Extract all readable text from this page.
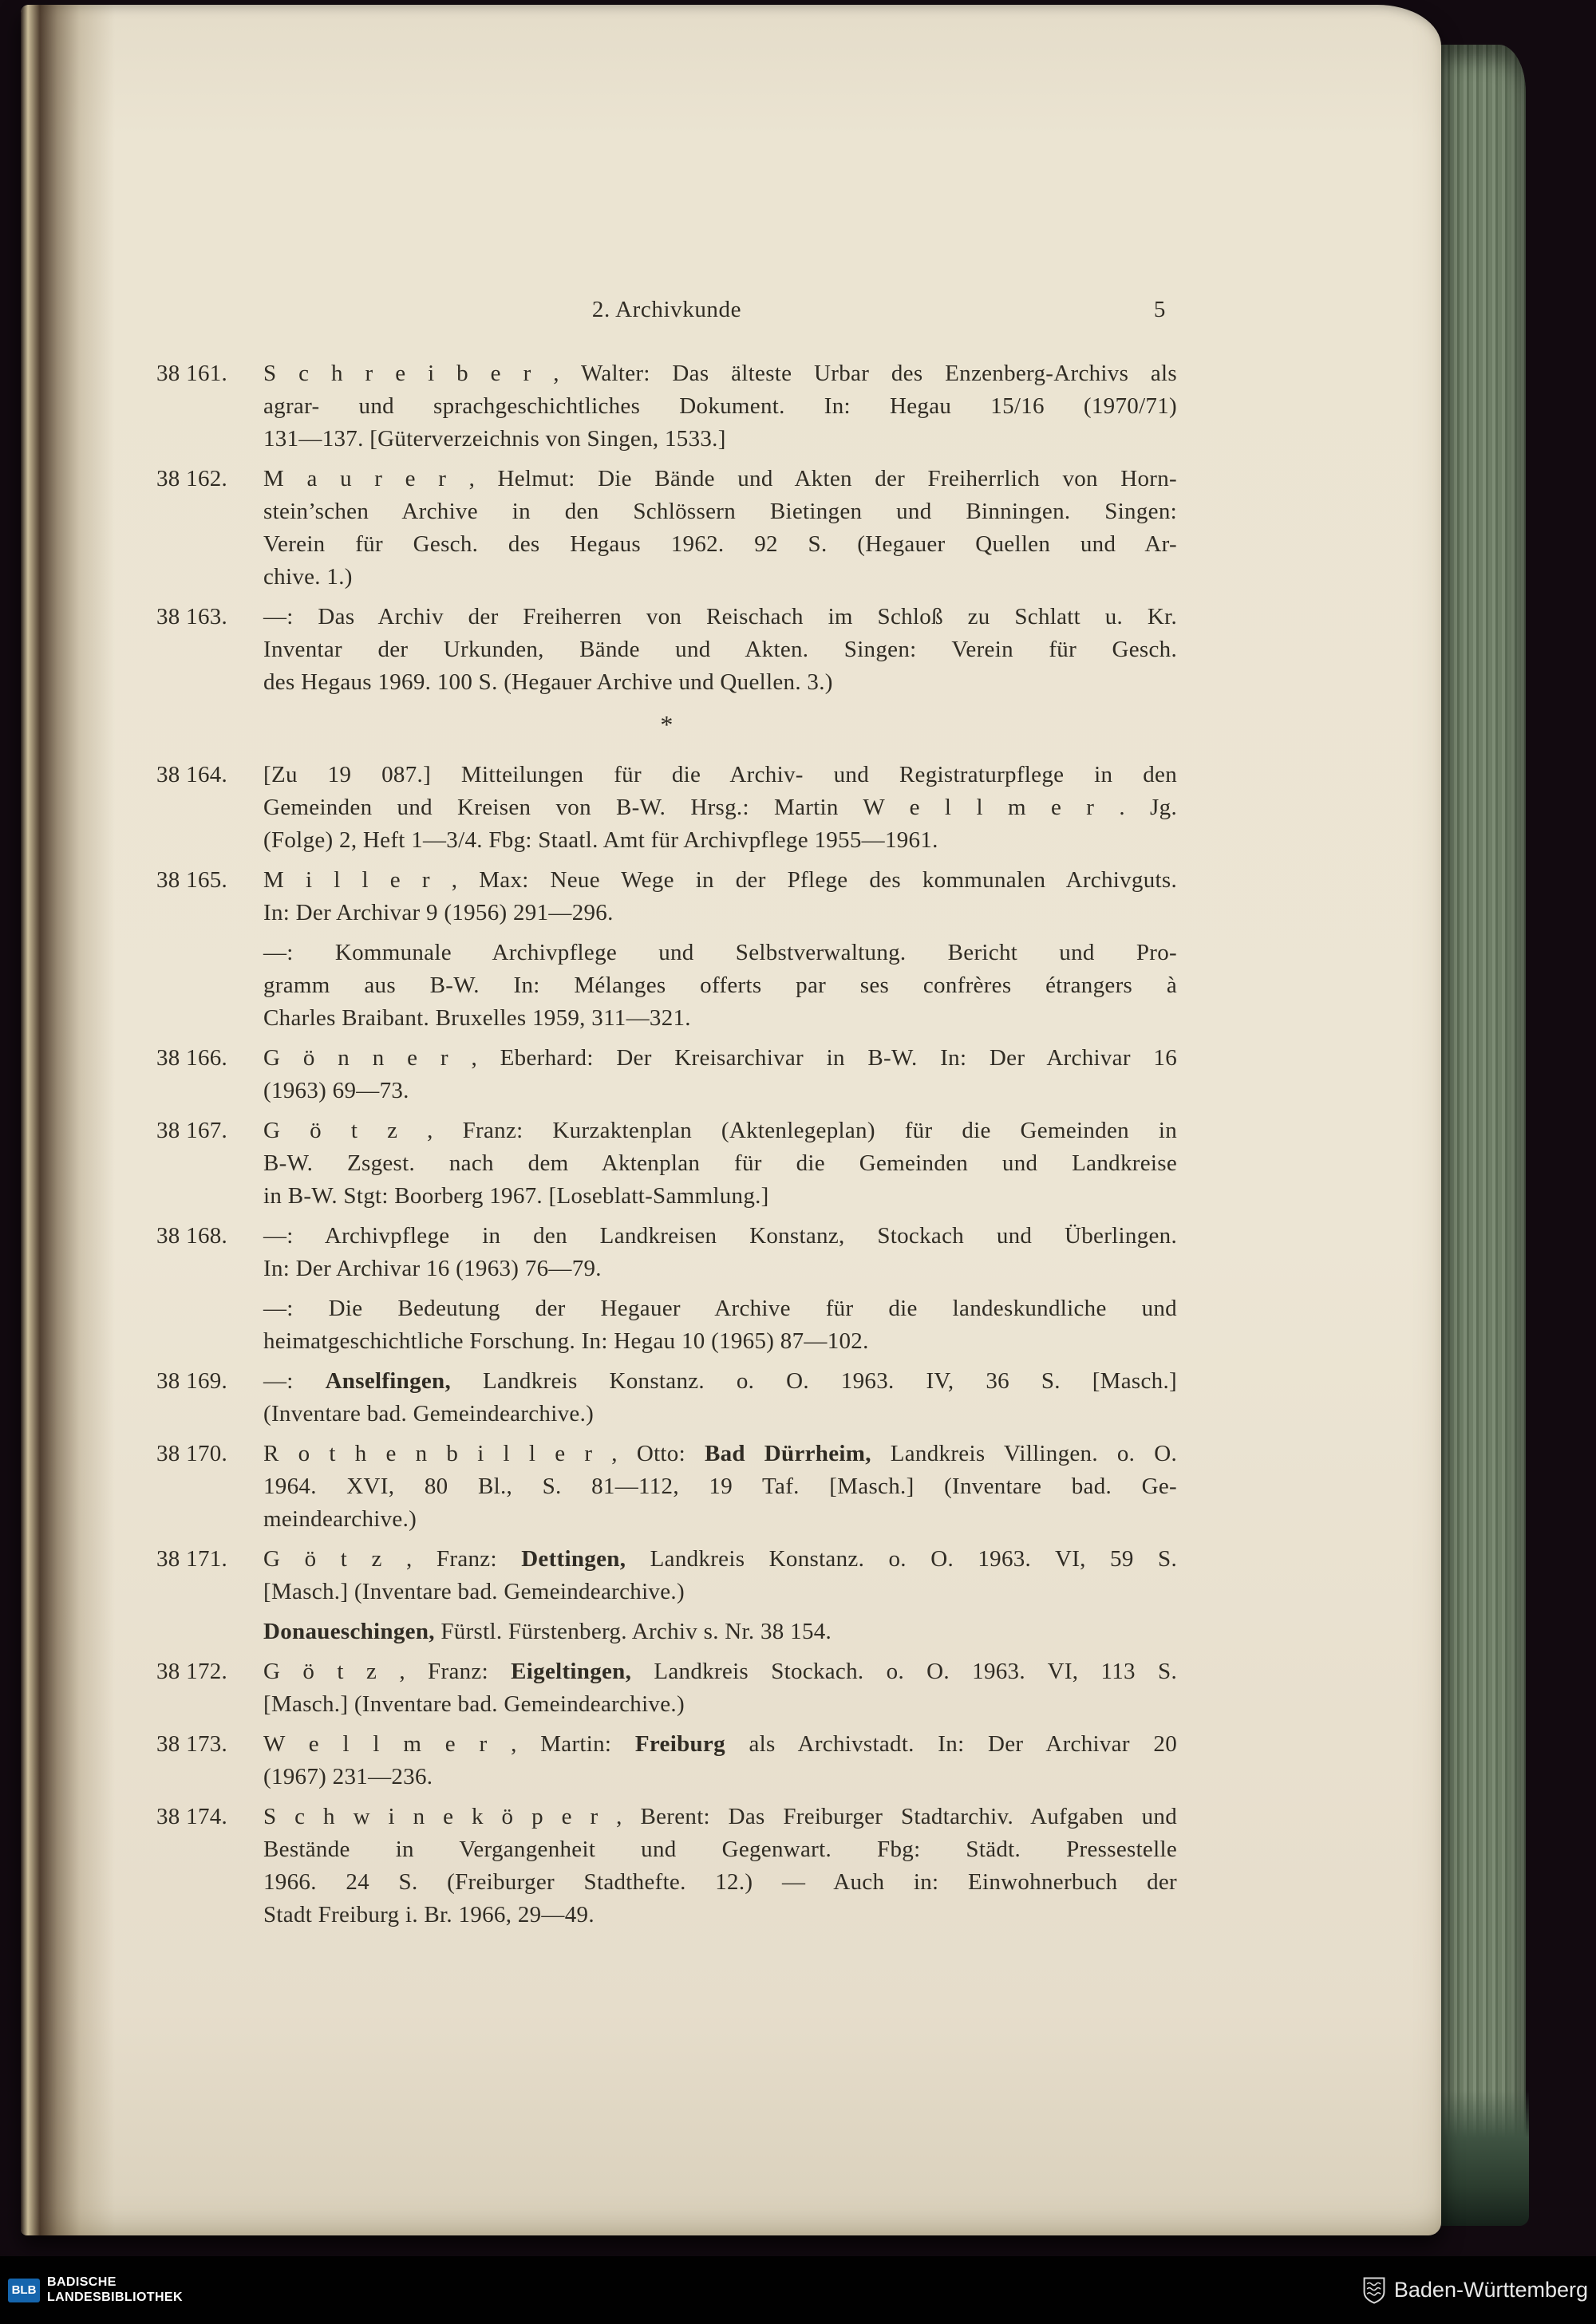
2. Archivkunde	5
38 161.	S c h r e i b e r , Walter: Das älteste Urbar des Enzenberg-Archivs als
agrar- und sprachgeschichtliches Dokument. In: Hegau 15/16 (1970/71)
131—137. [Güterverzeichnis von Singen, 1533.]
38 162.	M a u r e r , Helmut: Die Bände und Akten der Freiherrlich von Horn-
stein’schen Archive in den Schlössern Bietingen und Binningen. Singen:
Verein für Gesch. des Hegaus 1962. 92 S. (Hegauer Quellen und Ar-
chive. 1.)
38 163.	—: Das Archiv der Freiherren von Reischach im Schloß zu Schlatt u. Kr.
Inventar der Urkunden, Bände und Akten. Singen: Verein für Gesch.
des Hegaus 1969. 100 S. (Hegauer Archive und Quellen. 3.)
*
38 164.	[Zu 19 087.] Mitteilungen für die Archiv- und Registraturpflege in den
Gemeinden und Kreisen von B-W. Hrsg.: Martin W e l l m e r . Jg.
(Folge) 2, Heft 1—3/4. Fbg: Staatl. Amt für Archivpflege 1955—1961.
38 165.	M i l l e r , Max: Neue Wege in der Pflege des kommunalen Archivguts.
In: Der Archivar 9 (1956) 291—296.
—: Kommunale Archivpflege und Selbstverwaltung. Bericht und Pro-
gramm aus B-W. In: Mélanges offerts par ses confrères étrangers à
Charles Braibant. Bruxelles 1959, 311—321.
38 166.	G ö n n e r , Eberhard: Der Kreisarchivar in B-W. In: Der Archivar 16
(1963) 69—73.
38 167.	G ö t z , Franz: Kurzaktenplan (Aktenlegeplan) für die Gemeinden in
B-W. Zsgest. nach dem Aktenplan für die Gemeinden und Landkreise
in B-W. Stgt: Boorberg 1967. [Loseblatt-Sammlung.]
38 168.	—: Archivpflege in den Landkreisen Konstanz, Stockach und Überlingen.
In: Der Archivar 16 (1963) 76—79.
—: Die Bedeutung der Hegauer Archive für die landeskundliche und
heimatgeschichtliche Forschung. In: Hegau 10 (1965) 87—102.
38 169.	—: Anselfingen, Landkreis Konstanz. o. O. 1963. IV, 36 S. [Masch.]
(Inventare bad. Gemeindearchive.)
38 170.	R o t h e n b i l l e r , Otto: Bad Dürrheim, Landkreis Villingen. o. O.
1964. XVI, 80 Bl., S. 81—112, 19 Taf. [Masch.] (Inventare bad. Ge-
meindearchive.)
38 171.	G ö t z , Franz: Dettingen, Landkreis Konstanz. o. O. 1963. VI, 59 S.
[Masch.] (Inventare bad. Gemeindearchive.)
Donaueschingen, Fürstl. Fürstenberg. Archiv s. Nr. 38 154.
38 172.	G ö t z , Franz: Eigeltingen, Landkreis Stockach. o. O. 1963. VI, 113 S.
[Masch.] (Inventare bad. Gemeindearchive.)
38 173.	W e l l m e r , Martin: Freiburg als Archivstadt. In: Der Archivar 20
(1967) 231—236.
38 174.	S c h w i n e k ö p e r , Berent: Das Freiburger Stadtarchiv. Aufgaben und
Bestände in Vergangenheit und Gegenwart. Fbg: Städt. Pressestelle
1966. 24 S. (Freiburger Stadthefte. 12.) — Auch in: Einwohnerbuch der
Stadt Freiburg i. Br. 1966, 29—49.
BLB
BADISCHE
LANDESBIBLIOTHEK	Baden-Württemberg
